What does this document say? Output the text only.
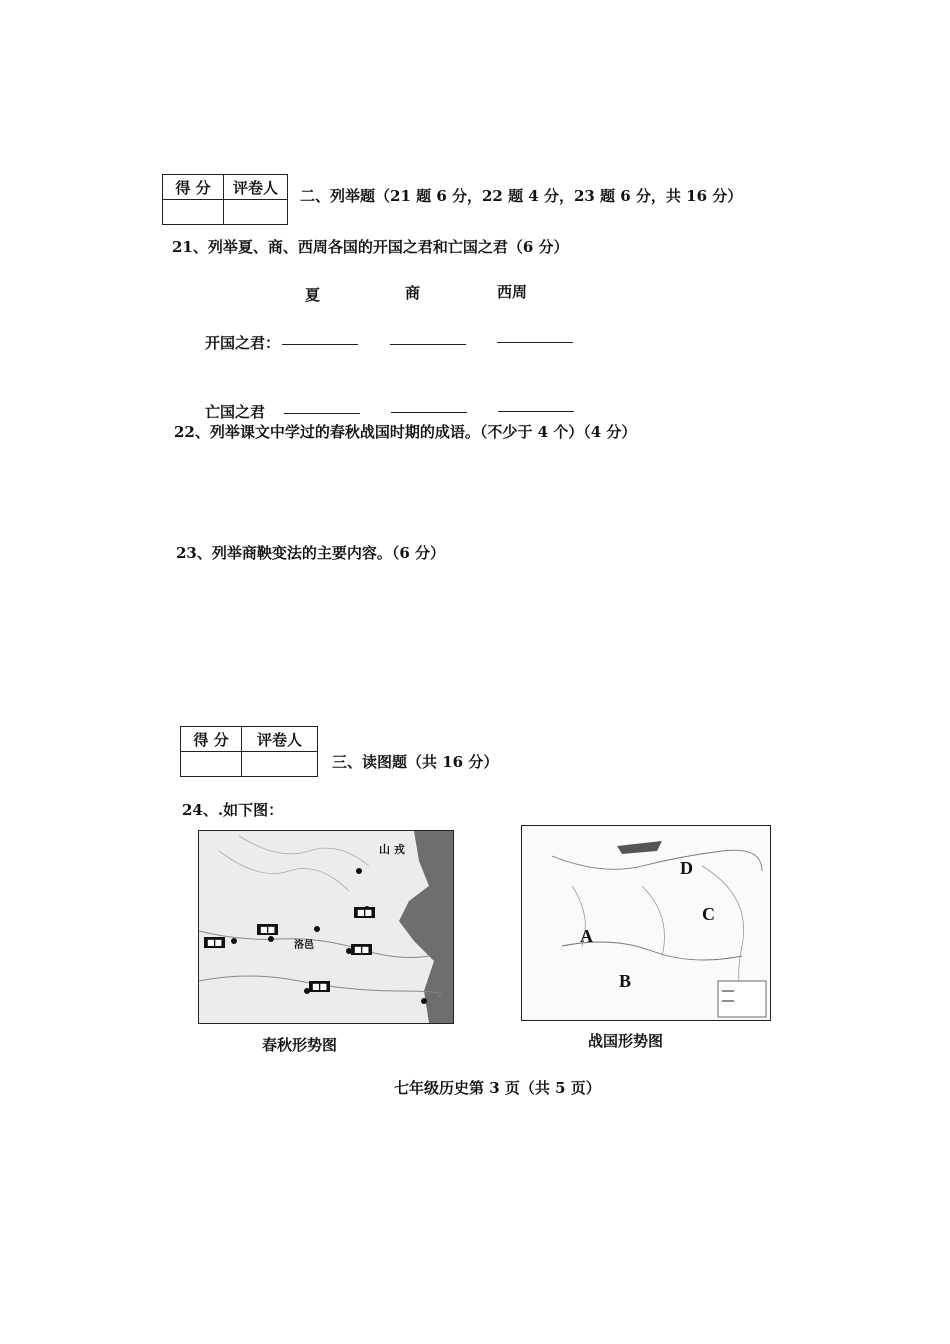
得 分	评卷人
	二、列举题（21 题 6 分，22 题 4 分，23 题 6 分，共 16 分）
21、列举夏、商、西周各国的开国之君和亡国之君（6 分）
夏	商	西周
开国之君：
亡国之君
22、列举课文中学过的春秋战国时期的成语。（不少于 4 个）（4 分）
23、列举商鞅变法的主要内容。（6 分）
得 分	评卷人

三、读图题（共 16 分）
24、.如下图：
山 戎
洛邑
■■
■■
■■
■■
■■
春秋形势图
A
B
C
D
战国形势图
七年级历史第 3 页（共 5 页）
